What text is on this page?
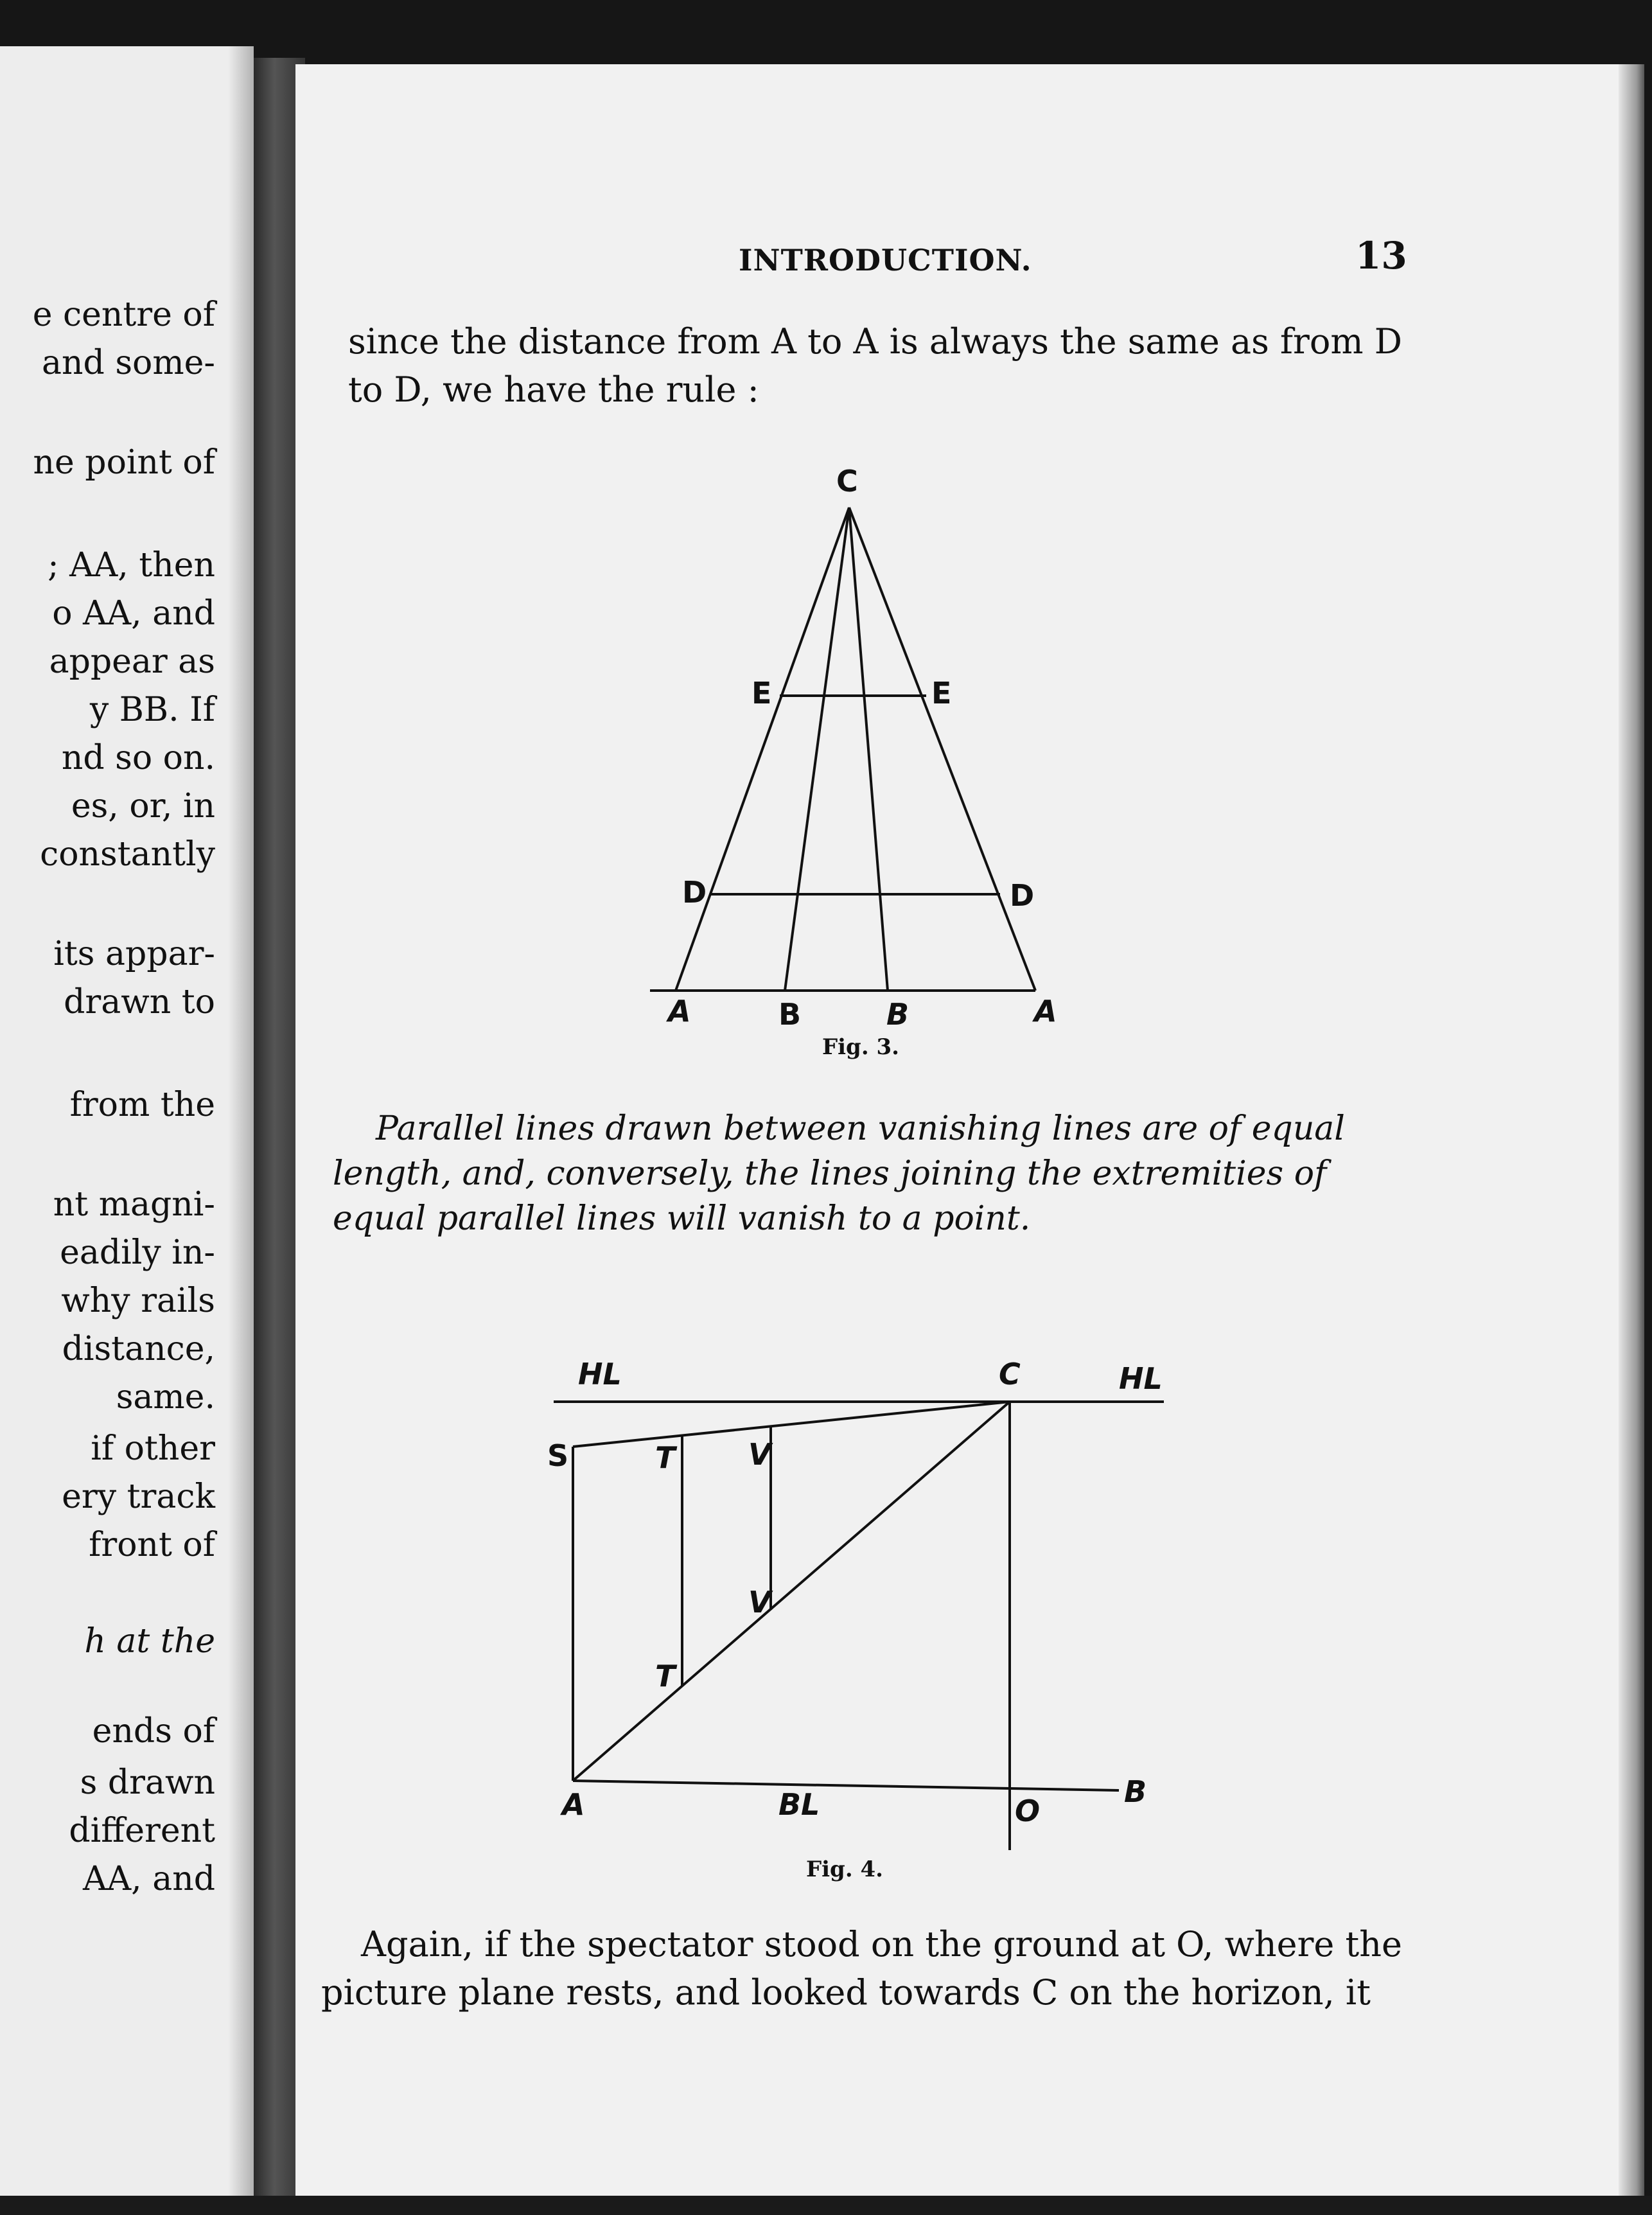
e centre of
and some-
ne point of
; AA, then
o AA, and
appear as
y BB. If
nd so on.
es, or, in
constantly
its appar-
drawn to
from the
nt magni-
eadily in-
why rails
distance,
same.
if other
ery track
front of
h at the
ends of
s drawn
different
AA, and
INTRODUCTION.	13
since the distance from A to A is always the same as from D
to D, we have the rule :
C
E	E
D	D
A	B	B	A
Fig. 3.
Parallel lines drawn between vanishing lines are of equal
length, and, conversely, the lines joining the extremities of
equal parallel lines will vanish to a point.
HL	C	HL
S	T V
V
T
A	BL	O
B
Fig. 4.
Again, if the spectator stood on the ground at O, where the
picture plane rests, and looked towards C on the horizon, it
